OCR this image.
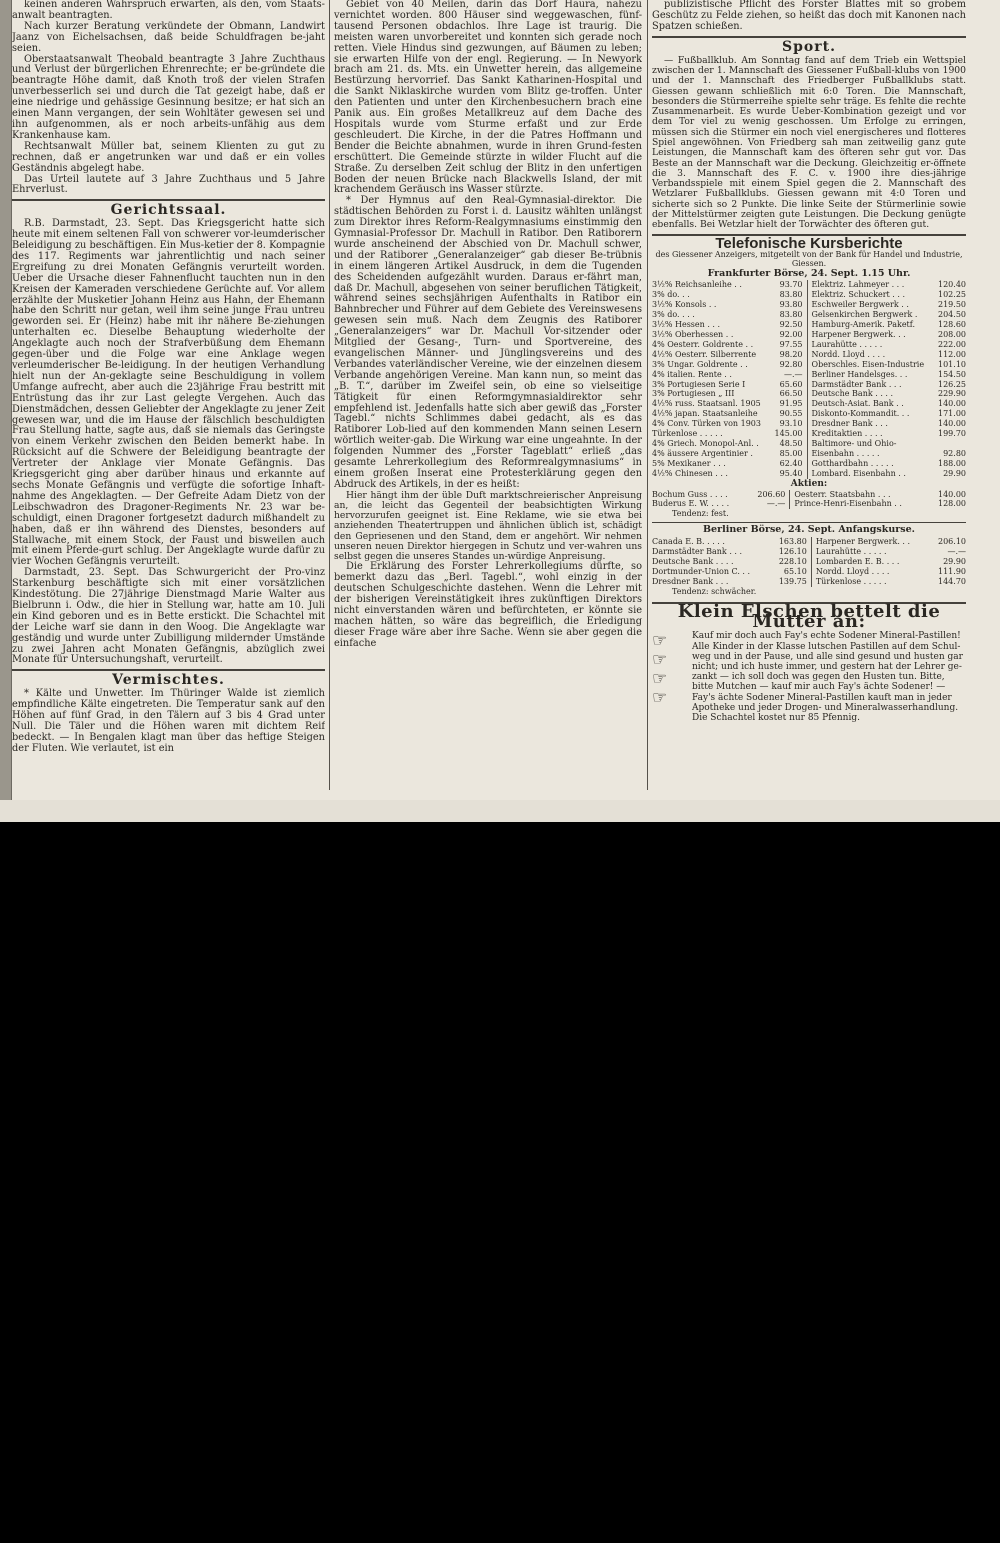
keinen anderen Wahrspruch erwarten, als den, vom Staats-anwalt beantragten.

Nach kurzer Beratung verkündete der Obmann, Landwirt Jaanz von Eichelsachsen, daß beide Schuldfragen be-jaht seien.

Oberstaatsanwalt Theobald beantragte 3 Jahre Zuchthaus und Verlust der bürgerlichen Ehrenrechte; er be-gründete die beantragte Höhe damit, daß Knoth troß der vielen Strafen unverbesserlich sei und durch die Tat gezeigt habe, daß er eine niedrige und gehässige Gesinnung besitze; er hat sich an einen Mann vergangen, der sein Wohltäter gewesen sei und ihn aufgenommen, als er noch arbeits-unfähig aus dem Krankenhause kam.

Rechtsanwalt Müller bat, seinem Klienten zu gut zu rechnen, daß er angetrunken war und daß er ein volles Geständnis abgelegt habe.

Das Urteil lautete auf 3 Jahre Zuchthaus und 5 Jahre Ehrverlust.

Gerichtssaal.

R.B. Darmstadt, 23. Sept. Das Kriegsgericht hatte sich heute mit einem seltenen Fall von schwerer vor-leumderischer Beleidigung zu beschäftigen. Ein Mus-ketier der 8. Kompagnie des 117. Regiments war jahrentlichtig und nach seiner Ergreifung zu drei Monaten Gefängnis verurteilt worden. Ueber die Ursache dieser Fahnenflucht tauchten nun in den Kreisen der Kameraden verschiedene Gerüchte auf. Vor allem erzählte der Musketier Johann Heinz aus Hahn, der Ehemann habe den Schritt nur getan, weil ihm seine junge Frau untreu geworden sei. Er (Heinz) habe mit ihr nähere Be-ziehungen unterhalten ec. Dieselbe Behauptung wiederholte der Angeklagte auch noch der Strafverbüßung dem Ehemann gegen-über und die Folge war eine Anklage wegen verleumderischer Be-leidigung. In der heutigen Verhandlung hielt nun der An-geklagte seine Beschuldigung in vollem Umfange aufrecht, aber auch die 23jährige Frau bestritt mit Entrüstung das ihr zur Last gelegte Vergehen. Auch das Dienstmädchen, dessen Geliebter der Angeklagte zu jener Zeit gewesen war, und die im Hause der fälschlich beschuldigten Frau Stellung hatte, sagte aus, daß sie niemals das Geringste von einem Verkehr zwischen den Beiden bemerkt habe. In Rücksicht auf die Schwere der Beleidigung beantragte der Vertreter der Anklage vier Monate Gefängnis. Das Kriegsgericht ging aber darüber hinaus und erkannte auf sechs Monate Gefängnis und verfügte die sofortige Inhaft-nahme des Angeklagten. — Der Gefreite Adam Dietz von der Leibschwadron des Dragoner-Regiments Nr. 23 war be-schuldigt, einen Dragoner fortgesetzt dadurch mißhandelt zu haben, daß er ihn während des Dienstes, besonders auf Stallwache, mit einem Stock, der Faust und bisweilen auch mit einem Pferde-gurt schlug. Der Angeklagte wurde dafür zu vier Wochen Gefängnis verurteilt.

Darmstadt, 23. Sept. Das Schwurgericht der Pro-vinz Starkenburg beschäftigte sich mit einer vorsätzlichen Kindestötung. Die 27jährige Dienstmagd Marie Walter aus Bielbrunn i. Odw., die hier in Stellung war, hatte am 10. Juli ein Kind geboren und es in Bette erstickt. Die Schachtel mit der Leiche warf sie dann in den Woog. Die Angeklagte war geständig und wurde unter Zubilligung mildernder Umstände zu zwei Jahren acht Monaten Gefängnis, abzüglich zwei Monate für Untersuchungshaft, verurteilt.

Vermischtes.

* Kälte und Unwetter. Im Thüringer Walde ist ziemlich empfindliche Kälte eingetreten. Die Temperatur sank auf den Höhen auf fünf Grad, in den Tälern auf 3 bis 4 Grad unter Null. Die Täler und die Höhen waren mit dichtem Reif bedeckt. — In Bengalen klagt man über das heftige Steigen der Fluten. Wie verlautet, ist ein

Gebiet von 40 Meilen, darin das Dorf Haura, nahezu vernichtet worden. 800 Häuser sind weggewaschen, fünf-tausend Personen obdachlos. Ihre Lage ist traurig. Die meisten waren unvorbereitet und konnten sich gerade noch retten. Viele Hindus sind gezwungen, auf Bäumen zu leben; sie erwarten Hilfe von der engl. Regierung. — In Newyork brach am 21. ds. Mts. ein Unwetter herein, das allgemeine Bestürzung hervorrief. Das Sankt Katharinen-Hospital und die Sankt Niklaskirche wurden vom Blitz ge-troffen. Unter den Patienten und unter den Kirchenbesuchern brach eine Panik aus. Ein großes Metallkreuz auf dem Dache des Hospitals wurde vom Sturme erfaßt und zur Erde geschleudert. Die Kirche, in der die Patres Hoffmann und Bender die Beichte abnahmen, wurde in ihren Grund-festen erschüttert. Die Gemeinde stürzte in wilder Flucht auf die Straße. Zu derselben Zeit schlug der Blitz in den unfertigen Boden der neuen Brücke nach Blackwells Island, der mit krachendem Geräusch ins Wasser stürzte.

* Der Hymnus auf den Real-Gymnasial-direktor. Die städtischen Behörden zu Forst i. d. Lausitz wählten unlängst zum Direktor ihres Reform-Realgymnasiums einstimmig den Gymnasial-Professor Dr. Machull in Ratibor. Den Ratiborern wurde anscheinend der Abschied von Dr. Machull schwer, und der Ratiborer „Generalanzeiger“ gab dieser Be-trübnis in einem längeren Artikel Ausdruck, in dem die Tugenden des Scheidenden aufgezählt wurden. Daraus er-fährt man, daß Dr. Machull, abgesehen von seiner beruflichen Tätigkeit, während seines sechsjährigen Aufenthalts in Ratibor ein Bahnbrecher und Führer auf dem Gebiete des Vereinswesens gewesen sein muß. Nach dem Zeugnis des Ratiborer „Generalanzeigers“ war Dr. Machull Vor-sitzender oder Mitglied der Gesang-, Turn- und Sportvereine, des evangelischen Männer- und Jünglingsvereins und des Verbandes vaterländischer Vereine, wie der einzelnen diesem Verbande angehörigen Vereine. Man kann nun, so meint das „B. T.“, darüber im Zweifel sein, ob eine so vielseitige Tätigkeit für einen Reformgymnasialdirektor sehr empfehlend ist. Jedenfalls hatte sich aber gewiß das „Forster Tagebl.“ nichts Schlimmes dabei gedacht, als es das Ratiborer Lob-lied auf den kommenden Mann seinen Lesern wörtlich weiter-gab. Die Wirkung war eine ungeahnte. In der folgenden Nummer des „Forster Tageblatt“ erließ „das gesamte Lehrerkollegium des Reformrealgymnasiums“ in einem großen Inserat eine Protesterklärung gegen den Abdruck des Artikels, in der es heißt:

Hier hängt ihm der üble Duft marktschreierischer Anpreisung an, die leicht das Gegenteil der beabsichtigten Wirkung hervorzurufen geeignet ist. Eine Reklame, wie sie etwa bei anziehenden Theatertruppen und ähnlichen üblich ist, schädigt den Gepriesenen und den Stand, dem er angehört. Wir nehmen unseren neuen Direktor hiergegen in Schutz und ver-wahren uns selbst gegen die unseres Standes un-würdige Anpreisung.

Die Erklärung des Forster Lehrerkollegiums dürfte, so bemerkt dazu das „Berl. Tagebl.“, wohl einzig in der deutschen Schulgeschichte dastehen. Wenn die Lehrer mit der bisherigen Vereinstätigkeit ihres zukünftigen Direktors nicht einverstanden wären und befürchteten, er könnte sie machen hätten, so wäre das begreiflich, die Erledigung dieser Frage wäre aber ihre Sache. Wenn sie aber gegen die einfache

publizistische Pflicht des Forster Blattes mit so grobem Geschütz zu Felde ziehen, so heißt das doch mit Kanonen nach Spatzen schießen.

Sport.

— Fußballklub. Am Sonntag fand auf dem Trieb ein Wettspiel zwischen der 1. Mannschaft des Giessener Fußball-klubs von 1900 und der 1. Mannschaft des Friedberger Fußballklubs statt. Giessen gewann schließlich mit 6:0 Toren. Die Mannschaft, besonders die Stürmerreihe spielte sehr träge. Es fehlte die rechte Zusammenarbeit. Es wurde Ueber-Kombination gezeigt und vor dem Tor viel zu wenig geschossen. Um Erfolge zu erringen, müssen sich die Stürmer ein noch viel energischeres und flotteres Spiel angewöhnen. Von Friedberg sah man zeitweilig ganz gute Leistungen, die Mannschaft kam des öfteren sehr gut vor. Das Beste an der Mannschaft war die Deckung. Gleichzeitig er-öffnete die 3. Mannschaft des F. C. v. 1900 ihre dies-jährige Verbandsspiele mit einem Spiel gegen die 2. Mannschaft des Wetzlarer Fußballklubs. Giessen gewann mit 4:0 Toren und sicherte sich so 2 Punkte. Die linke Seite der Stürmerlinie sowie der Mittelstürmer zeigten gute Leistungen. Die Deckung genügte ebenfalls. Bei Wetzlar hielt der Torwächter des öfteren gut.

Telefonische Kursberichte
des Giessener Anzeigers, mitgeteilt von der Bank für Handel und Industrie, Giessen.
Frankfurter Börse, 24. Sept. 1.15 Uhr.
3½% Reichsanleihe . .	93.70	Elektriz. Lahmeyer . . .	120.40
3% do. . .	83.80	Elektriz. Schuckert . . .	102.25
3½% Konsols . .	93.80	Eschweiler Bergwerk . .	219.50
3% do. . . .	83.80	Gelsenkirchen Bergwerk .	204.50
3½% Hessen . . .	92.50	Hamburg-Amerik. Paketf.	128.60
3½% Oberhessen . .	92.00	Harpener Bergwerk. . .	208.00
4% Oesterr. Goldrente . .	97.55	Laurahütte . . . . .	222.00
4½% Oesterr. Silberrente	98.20	Nordd. Lloyd . . . .	112.00
3% Ungar. Goldrente . .	92.80	Oberschles. Eisen-Industrie	101.10
4% italien. Rente . .	—.—	Berliner Handelsges. . .	154.50
3% Portugiesen Serie I	65.60	Darmstädter Bank . . .	126.25
3% Portugiesen „ III	66.50	Deutsche Bank . . . .	229.90
4½% russ. Staatsanl. 1905	91.95	Deutsch-Asiat. Bank . .	140.00
4½% japan. Staatsanleihe	90.55	Diskonto-Kommandit. . .	171.00
4% Conv. Türken von 1903	93.10	Dresdner Bank . . .	140.00
Türkenlose . . . . .	145.00	Kreditaktien . . . .	199.70
4% Griech. Monopol-Anl. .	48.50	Baltimore- und Ohio-	
4% äussere Argentinier .	85.00	Eisenbahn . . . . .	92.80
5% Mexikaner . . .	62.40	Gotthardbahn . . . . .	188.00
4½% Chinesen . . .	95.40	Lombard. Eisenbahn . .	29.90
Aktien:
Bochum Guss . . . .	206.60	Oesterr. Staatsbahn . . .	140.00
Buderus E. W. . . . .	—.—	Prince-Henri-Eisenbahn . .	128.00
Tendenz: fest.
Berliner Börse, 24. Sept. Anfangskurse.
Canada E. B. . . . .	163.80	Harpener Bergwerk. . .	206.10
Darmstädter Bank . . .	126.10	Laurahütte . . . . .	—.—
Deutsche Bank . . . .	228.10	Lombarden E. B. . . .	29.90
Dortmunder-Union C. . .	65.10	Nordd. Lloyd . . . .	111.90
Dresdner Bank . . .	139.75	Türkenlose . . . . .	144.70
Tendenz: schwächer.
Klein Elschen bettelt die Mutter an:
☞
☞
☞
☞
Kauf mir doch auch Fay's echte Sodener Mineral-Pastillen! Alle Kinder in der Klasse lutschen Pastillen auf dem Schul-weg und in der Pause, und alle sind gesund und husten gar nicht; und ich huste immer, und gestern hat der Lehrer ge-zankt — ich soll doch was gegen den Husten tun. Bitte, bitte Mutchen — kauf mir auch Fay's ächte Sodener! — Fay's ächte Sodener Mineral-Pastillen kauft man in jeder Apotheke und jeder Drogen- und Mineralwasserhandlung. Die Schachtel kostet nur 85 Pfennig.
